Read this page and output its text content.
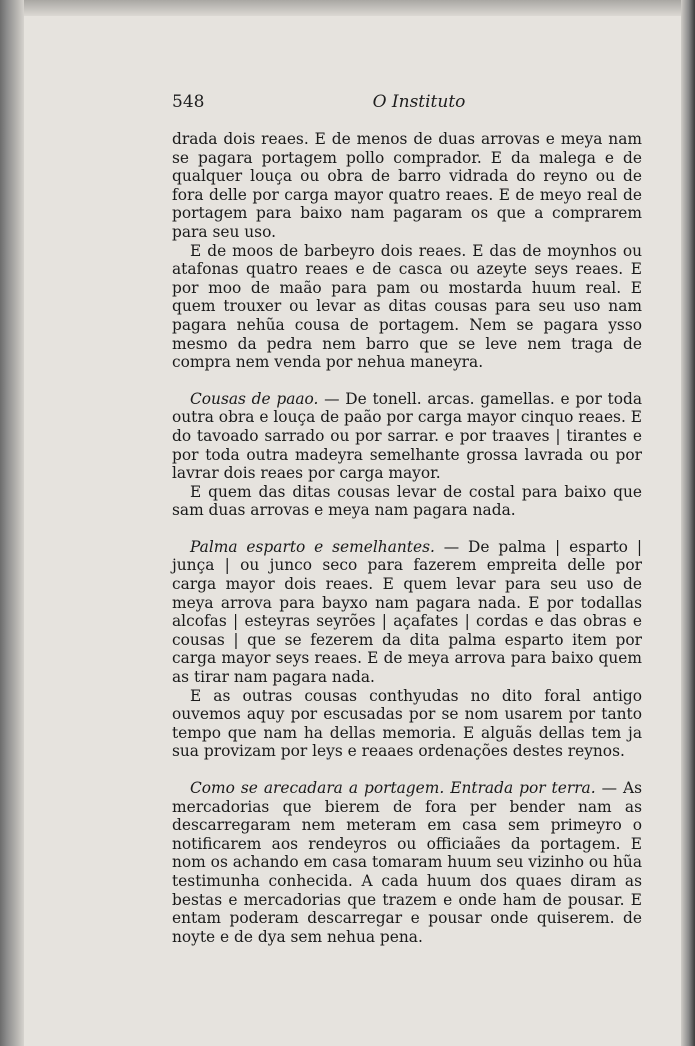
548	O Instituto

drada dois reaes. E de menos de duas arrovas e meya nam se pagara portagem pollo comprador. E da malega e de qualquer louça ou obra de barro vidrada do reyno ou de fora delle por carga mayor quatro reaes. E de meyo real de portagem para baixo nam pagaram os que a comprarem para seu uso.

E de moos de barbeyro dois reaes. E das de moynhos ou atafonas quatro reaes e de casca ou azeyte seys reaes. E por moo de maão para pam ou mostarda huum real. E quem trouxer ou levar as ditas cousas para seu uso nam pagara nehũa cousa de portagem. Nem se pagara ysso mesmo da pedra nem barro que se leve nem traga de compra nem venda por nehua maneyra.

Cousas de paao. — De tonell. arcas. gamellas. e por toda outra obra e louça de paão por carga mayor cinquo reaes. E do tavoado sarrado ou por sarrar. e por traaves | tirantes e por toda outra madeyra semelhante grossa lavrada ou por lavrar dois reaes por carga mayor.

E quem das ditas cousas levar de costal para baixo que sam duas arrovas e meya nam pagara nada.

Palma esparto e semelhantes. — De palma | esparto | junça | ou junco seco para fazerem empreita delle por carga mayor dois reaes. E quem levar para seu uso de meya arrova para bayxo nam pagara nada. E por todallas alcofas | esteyras seyrões | açafates | cordas e das obras e cousas | que se fezerem da dita palma esparto item por carga mayor seys reaes. E de meya arrova para baixo quem as tirar nam pagara nada.

E as outras cousas conthyudas no dito foral antigo ouvemos aquy por escusadas por se nom usarem por tanto tempo que nam ha dellas memoria. E alguãs dellas tem ja sua provizam por leys e reaaes ordenações destes reynos.

Como se arecadara a portagem. Entrada por terra. — As mercadorias que bierem de fora per bender nam as descarregaram nem meteram em casa sem primeyro o notificarem aos rendeyros ou officiaães da portagem. E nom os achando em casa tomaram huum seu vizinho ou hũa testimunha conhecida. A cada huum dos quaes diram as bestas e mercadorias que trazem e onde ham de pousar. E entam poderam descarregar e pousar onde quiserem. de noyte e de dya sem nehua pena.
